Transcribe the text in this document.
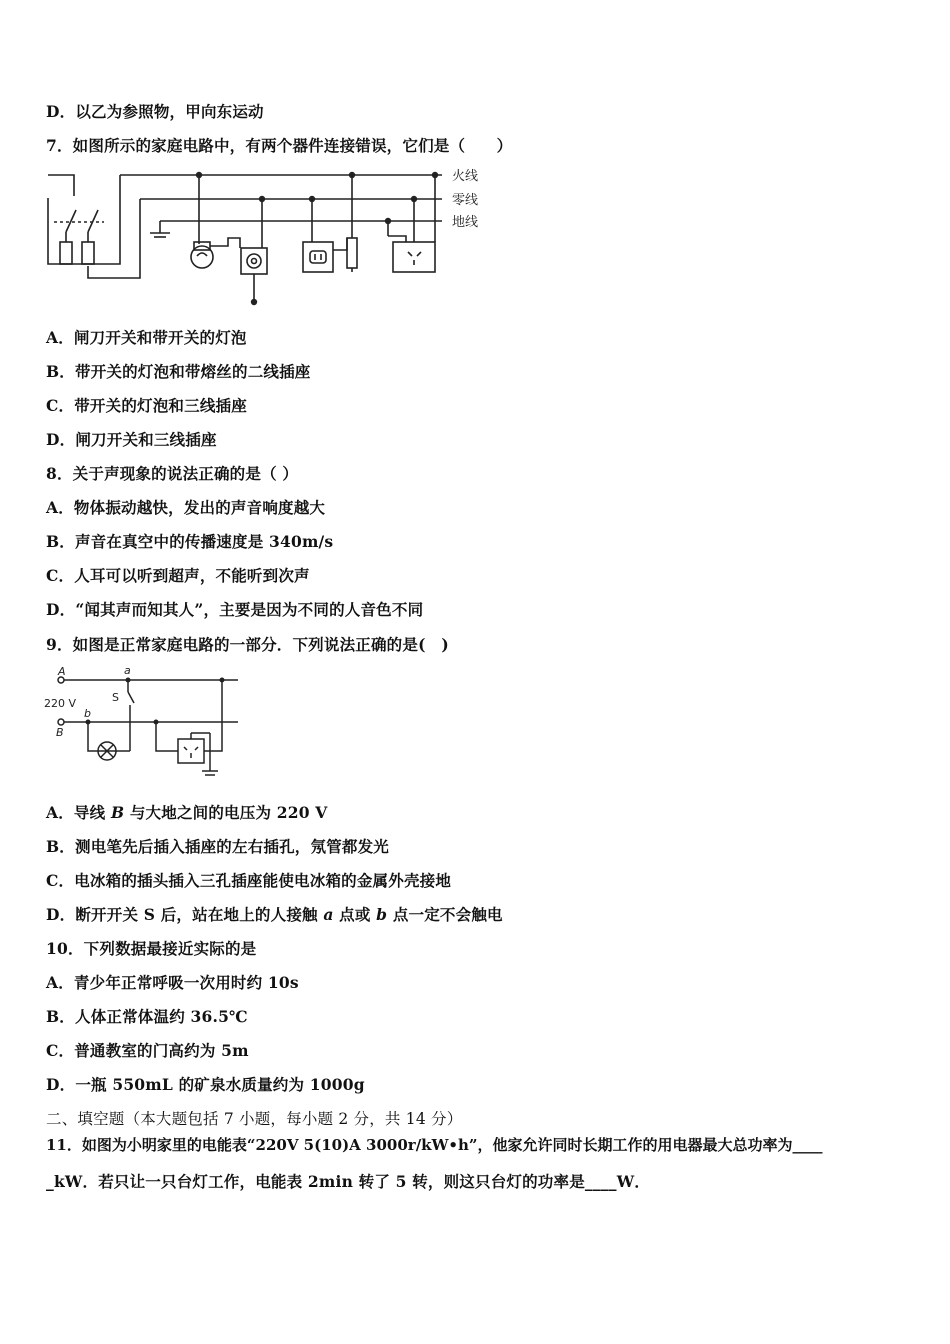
D．以乙为参照物，甲向东运动
7．如图所示的家庭电路中，有两个器件连接错误，它们是（　　）
火线
零线
地线
A．闸刀开关和带开关的灯泡
B．带开关的灯泡和带熔丝的二线插座
C．带开关的灯泡和三线插座
D．闸刀开关和三线插座
8．关于声现象的说法正确的是（ ）
A．物体振动越快，发出的声音响度越大
B．声音在真空中的传播速度是 340m/s
C．人耳可以听到超声，不能听到次声
D．“闻其声而知其人”，主要是因为不同的人音色不同
9．如图是正常家庭电路的一部分．下列说法正确的是(　)
A
220 V
B
a
b
S
A．导线 B 与大地之间的电压为 220 V
B．测电笔先后插入插座的左右插孔，氖管都发光
C．电冰箱的插头插入三孔插座能使电冰箱的金属外壳接地
D．断开开关 S 后，站在地上的人接触 a 点或 b 点一定不会触电
10．下列数据最接近实际的是
A．青少年正常呼吸一次用时约 10s
B．人体正常体温约 36.5℃
C．普通教室的门高约为 5m
D．一瓶 550mL 的矿泉水质量约为 1000g
二、填空题（本大题包括 7 小题，每小题 2 分，共 14 分）
11．如图为小明家里的电能表“220V 5(10)A 3000r/kW•h”，他家允许同时长期工作的用电器最大总功率为____
_kW．若只让一只台灯工作，电能表 2min 转了 5 转，则这只台灯的功率是____W．
